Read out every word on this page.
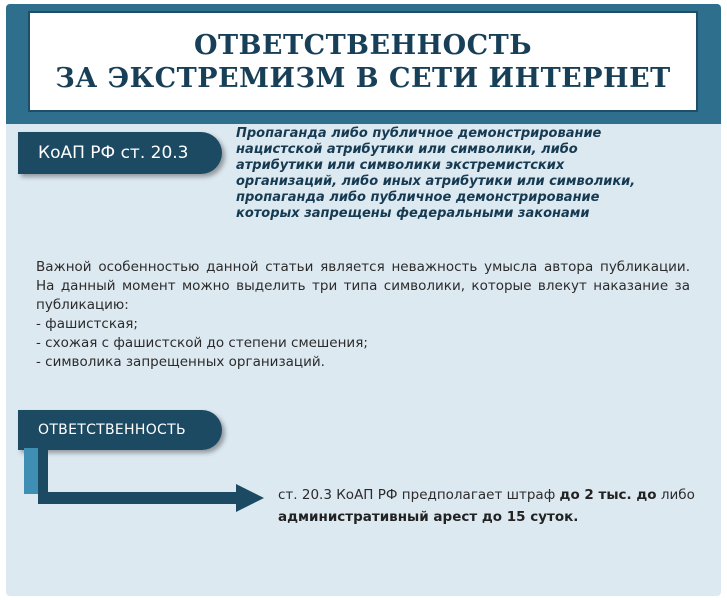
ОТВЕТСТВЕННОСТЬ
ЗА ЭКСТРЕМИЗМ В СЕТИ ИНТЕРНЕТ
КоАП РФ ст. 20.3
Пропаганда либо публичное демонстрирование
нацистской атрибутики или символики, либо
атрибутики или символики экстремистских
организаций, либо иных атрибутики или символики,
пропаганда либо публичное демонстрирование
которых запрещены федеральными законами

Важной особенностью данной статьи является неважность умысла автора публикации. На данный момент можно выделить три типа символики, которые влекут наказание за публикацию:

- фашистская;
- схожая с фашистской до степени смешения;
- символика запрещенных организаций.
ОТВЕТСТВЕННОСТЬ
ст. 20.3 КоАП РФ предполагает штраф до 2 тыс. до либо административный арест до 15 суток.
